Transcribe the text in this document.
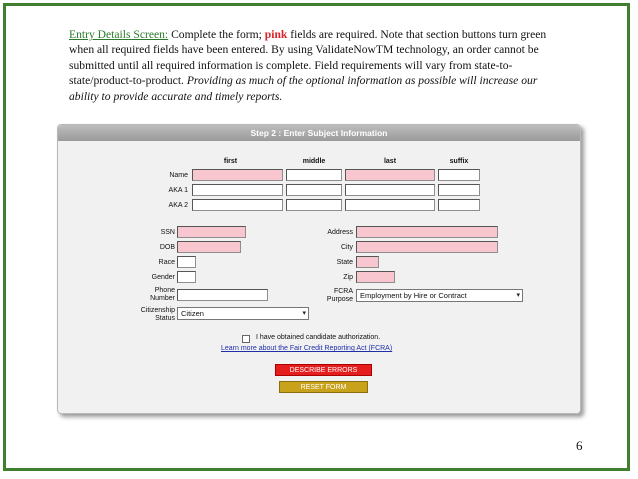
Entry Details Screen: Complete the form; pink fields are required. Note that section buttons turn green when all required fields have been entered. By using ValidateNowTM technology, an order cannot be submitted until all required information is complete. Field requirements will vary from state-to-state/product-to-product. Providing as much of the optional information as possible will increase our ability to provide accurate and timely reports.
Step 2 : Enter Subject Information
first	middle	last	suffix
Name
AKA 1
AKA 2
SSN
DOB
Race
Gender
Phone
Number
Citizenship
Status
Citizen	▾
Address
City
State
Zip
FCRA
Purpose Employment by Hire or Contract	▾
I have obtained candidate authorization.
Learn more about the Fair Credit Reporting Act (FCRA)
DESCRIBE ERRORS
RESET FORM
6
